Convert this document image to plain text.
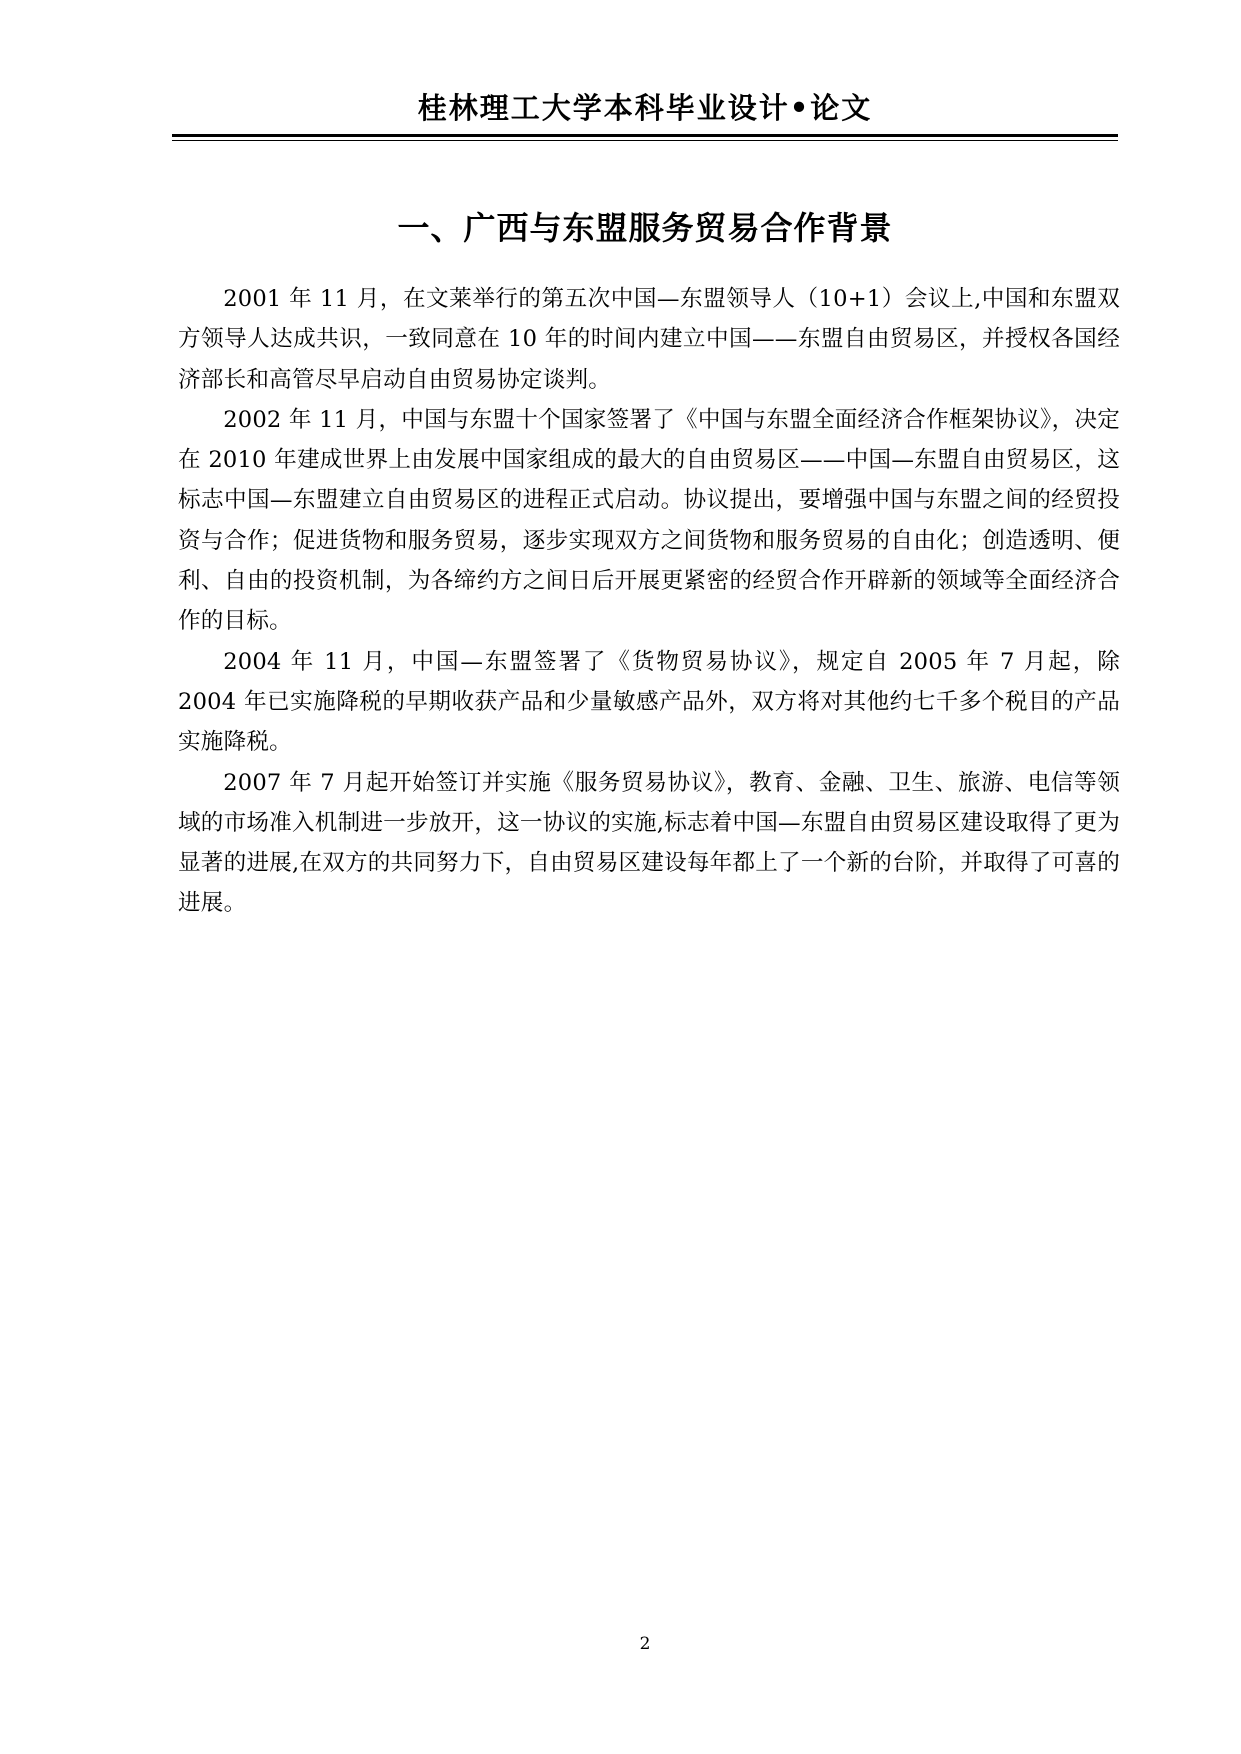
桂林理工大学本科毕业设计•论文
一、广西与东盟服务贸易合作背景

2001 年 11 月，在文莱举行的第五次中国—东盟领导人（10+1）会议上,中国和东盟双方领导人达成共识，一致同意在 10 年的时间内建立中国——东盟自由贸易区，并授权各国经济部长和高管尽早启动自由贸易协定谈判。

2002 年 11 月，中国与东盟十个国家签署了《中国与东盟全面经济合作框架协议》，决定在 2010 年建成世界上由发展中国家组成的最大的自由贸易区——中国—东盟自由贸易区，这标志中国—东盟建立自由贸易区的进程正式启动。协议提出，要增强中国与东盟之间的经贸投资与合作；促进货物和服务贸易，逐步实现双方之间货物和服务贸易的自由化；创造透明、便利、自由的投资机制，为各缔约方之间日后开展更紧密的经贸合作开辟新的领域等全面经济合作的目标。

2004 年 11 月，中国—东盟签署了《货物贸易协议》，规定自 2005 年 7 月起，除 2004 年已实施降税的早期收获产品和少量敏感产品外，双方将对其他约七千多个税目的产品实施降税。

2007 年 7 月起开始签订并实施《服务贸易协议》，教育、金融、卫生、旅游、电信等领域的市场准入机制进一步放开，这一协议的实施,标志着中国—东盟自由贸易区建设取得了更为显著的进展,在双方的共同努力下，自由贸易区建设每年都上了一个新的台阶，并取得了可喜的进展。

2
